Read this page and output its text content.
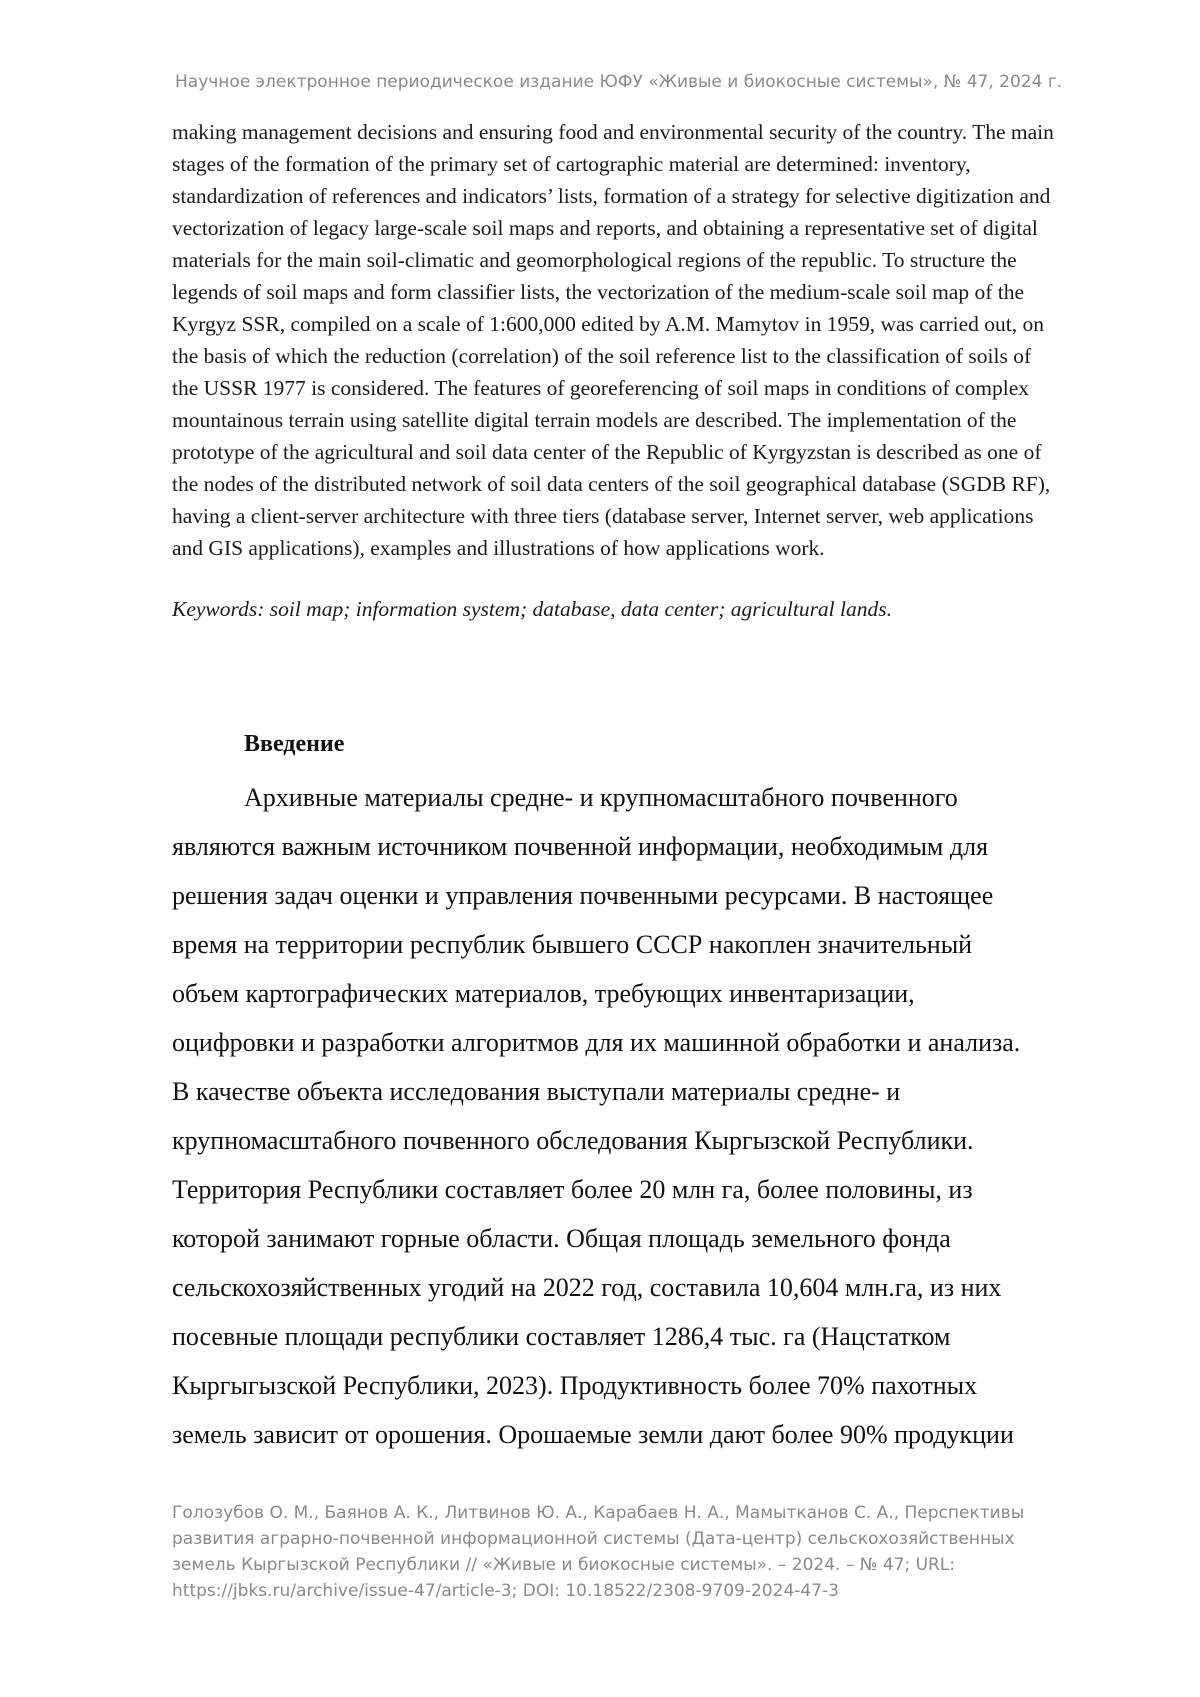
Научное электронное периодическое издание ЮФУ «Живые и биокосные системы», № 47, 2024 г.
making management decisions and ensuring food and environmental security of the country. The main
stages of the formation of the primary set of cartographic material are determined: inventory,
standardization of references and indicators’ lists, formation of a strategy for selective digitization and
vectorization of legacy large-scale soil maps and reports, and obtaining a representative set of digital
materials for the main soil-climatic and geomorphological regions of the republic. To structure the
legends of soil maps and form classifier lists, the vectorization of the medium-scale soil map of the
Kyrgyz SSR, compiled on a scale of 1:600,000 edited by A.M. Mamytov in 1959, was carried out, on
the basis of which the reduction (correlation) of the soil reference list to the classification of soils of
the USSR 1977 is considered. The features of georeferencing of soil maps in conditions of complex
mountainous terrain using satellite digital terrain models are described. The implementation of the
prototype of the agricultural and soil data center of the Republic of Kyrgyzstan is described as one of
the nodes of the distributed network of soil data centers of the soil geographical database (SGDB RF),
having a client-server architecture with three tiers (database server, Internet server, web applications
and GIS applications), examples and illustrations of how applications work.
Keywords: soil map; information system; database, data center; agricultural lands.
Введение
Архивные материалы средне- и крупномасштабного почвенного
являются важным источником почвенной информации, необходимым для
решения задач оценки и управления почвенными ресурсами. В настоящее
время на территории республик бывшего СССР накоплен значительный
объем картографических материалов, требующих инвентаризации,
оцифровки и разработки алгоритмов для их машинной обработки и анализа.
В качестве объекта исследования выступали материалы средне- и
крупномасштабного почвенного обследования Кыргызской Республики.
Территория Республики составляет более 20 млн га, более половины, из
которой занимают горные области. Общая площадь земельного фонда
сельскохозяйственных угодий на 2022 год, составила 10,604 млн.га, из них
посевные площади республики составляет 1286,4 тыс. га (Нацстатком
Кыргыгызской Республики, 2023). Продуктивность более 70% пахотных
земель зависит от орошения. Орошаемые земли дают более 90% продукции
Голозубов О. М., Баянов А. К., Литвинов Ю. А., Карабаев Н. А., Мамытканов С. А., Перспективы
развития аграрно-почвенной информационной системы (Дата-центр) сельскохозяйственных
земель Кыргызской Республики // «Живые и биокосные системы». – 2024. – № 47; URL:
https://jbks.ru/archive/issue-47/article-3; DOI: 10.18522/2308-9709-2024-47-3
